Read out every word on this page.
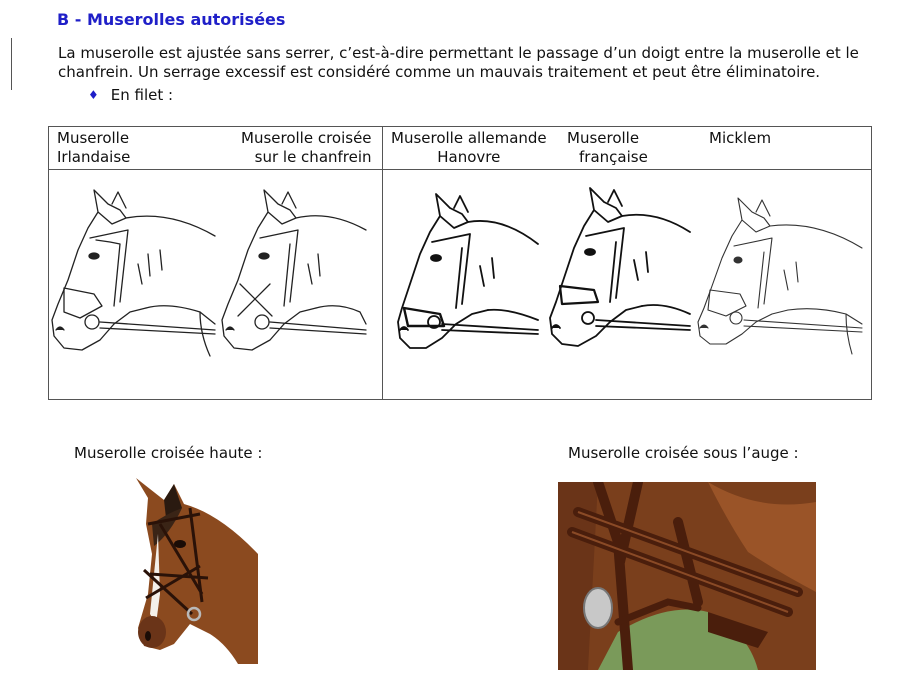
B - Muserolles autorisées

La muserolle est ajustée sans serrer, c’est-à-dire permettant le passage d’un doigt entre la muserolle et le chanfrein. Un serrage excessif est considéré comme un mauvais traitement et peut être éliminatoire.

♦ En filet :
Muserolle
Irlandaise
Muserolle croisée
sur le chanfrein
Muserolle allemande
Hanovre
Muserolle
française
Micklem
Muserolle croisée haute :	Muserolle croisée sous l’auge :
